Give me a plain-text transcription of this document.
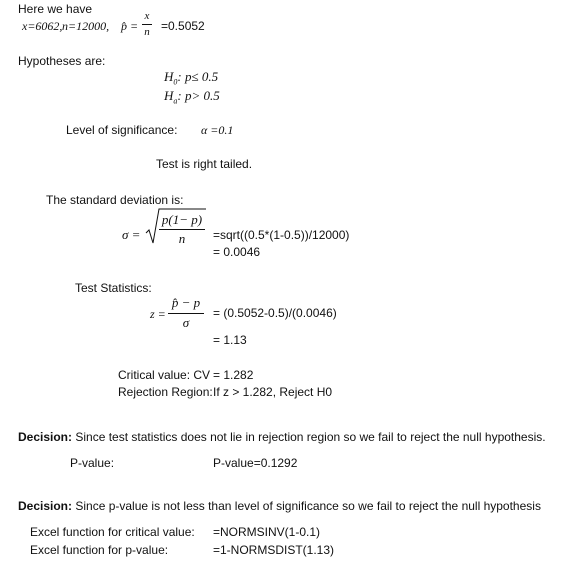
Here we have
x=6062, n=12000, p̂ =
x
n =0.5052
Hypotheses are:
$H_0$: p≤ 0.5
$H_a$: p> 0.5
Level of significance: α =0.1
Test is right tailed.
The standard deviation is:
σ =
p(1− p)
n	=sqrt((0.5*(1-0.5))/12000)
= 0.0046
Test Statistics:
z =
p̂ − p
σ
= (0.5052-0.5)/(0.0046)
= 1.13
Critical value: CV = 1.282
Rejection Region: If z > 1.282, Reject H0
Decision: Since test statistics does not lie in rejection region so we fail to reject the null hypothesis.
P-value:	P-value=0.1292
Decision: Since p-value is not less than level of significance so we fail to reject the null hypothesis
Excel function for critical value: =NORMSINV(1-0.1)
Excel function for p-value:	=1-NORMSDIST(1.13)
